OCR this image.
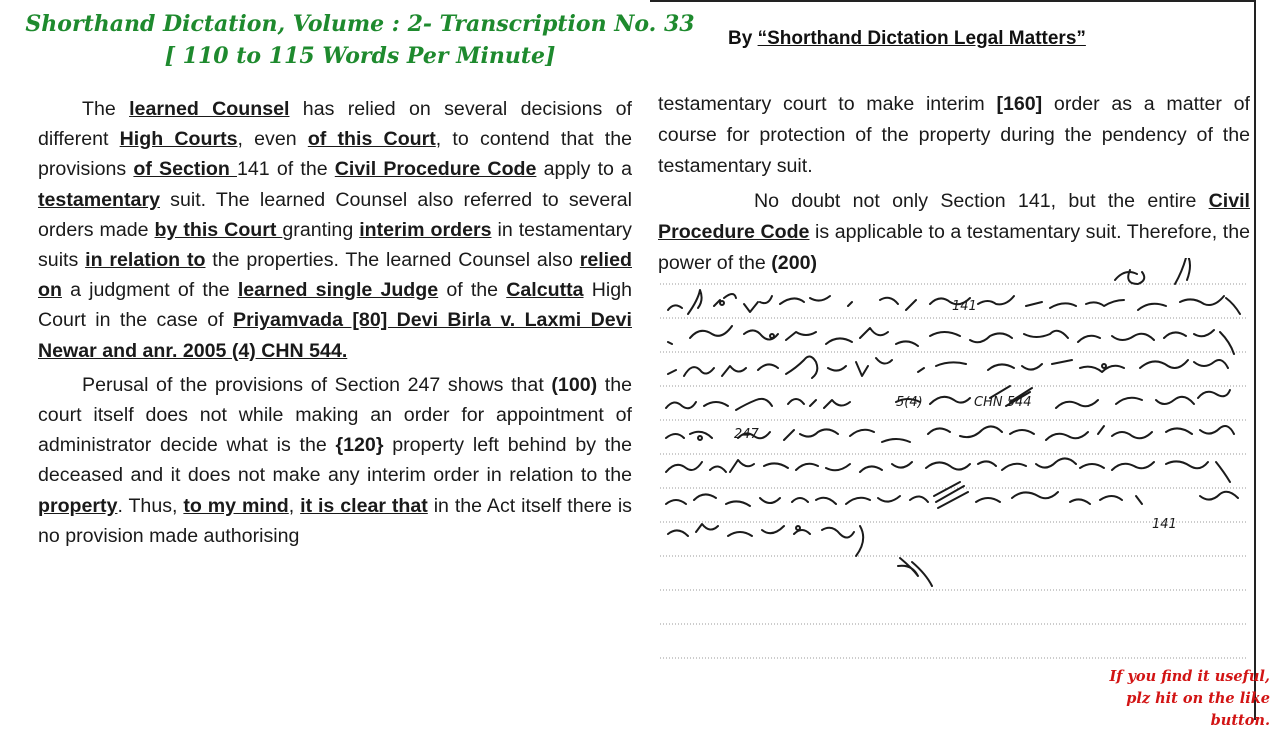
Shorthand Dictation, Volume : 2- Transcription No. 33
[ 110 to 115 Words Per Minute]
By “Shorthand Dictation Legal Matters”

The learned Counsel has relied on several decisions of different High Courts, even of this Court, to contend that the provisions of Section 141 of the Civil Procedure Code apply to a testamentary suit. The learned Counsel also referred to several orders made by this Court granting interim orders in testamentary suits in relation to the properties. The learned Counsel also relied on a judgment of the learned single Judge of the Calcutta High Court in the case of Priyamvada [80] Devi Birla v. Laxmi Devi Newar and anr. 2005 (4) CHN 544.

Perusal of the provisions of Section 247 shows that (100) the court itself does not while making an order for appointment of administrator decide what is the {120} property left behind by the deceased and it does not make any interim order in relation to the property. Thus, to my mind, it is clear that in the Act itself there is no provision made authorising

testamentary court to make interim [160] order as a matter of course for protection of the property during the pendency of the testamentary suit.

No doubt not only Section 141, but the entire Civil Procedure Code is applicable to a testamentary suit. Therefore, the power of the (200)

141
5(4)	CHN 544
247
141
If you find it useful,
plz hit on the like button.
